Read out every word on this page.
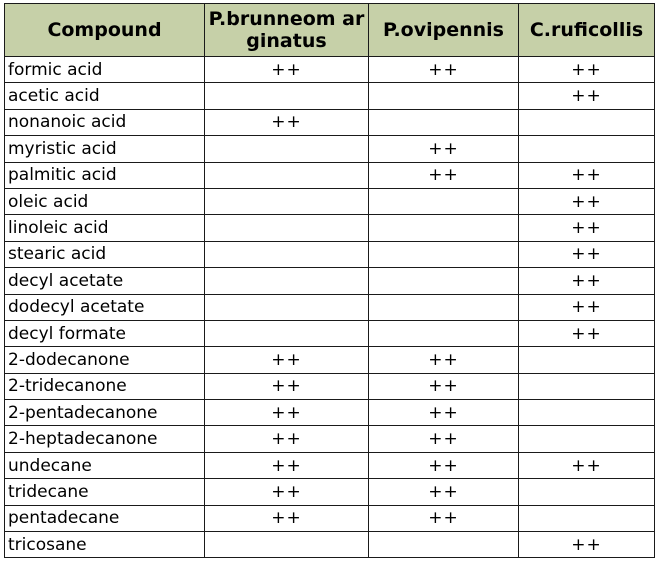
Compound	P.brunneom arginatus	P.ovipennis	C.ruficollis
formic acid	++	++	++
acetic acid			++
nonanoic acid	++		
myristic acid		++	
palmitic acid		++	++
oleic acid			++
linoleic acid			++
stearic acid			++
decyl acetate			++
dodecyl acetate			++
decyl formate			++
2-dodecanone	++	++	
2-tridecanone	++	++	
2-pentadecanone	++	++	
2-heptadecanone	++	++	
undecane	++	++	++
tridecane	++	++	
pentadecane	++	++	
tricosane			++
